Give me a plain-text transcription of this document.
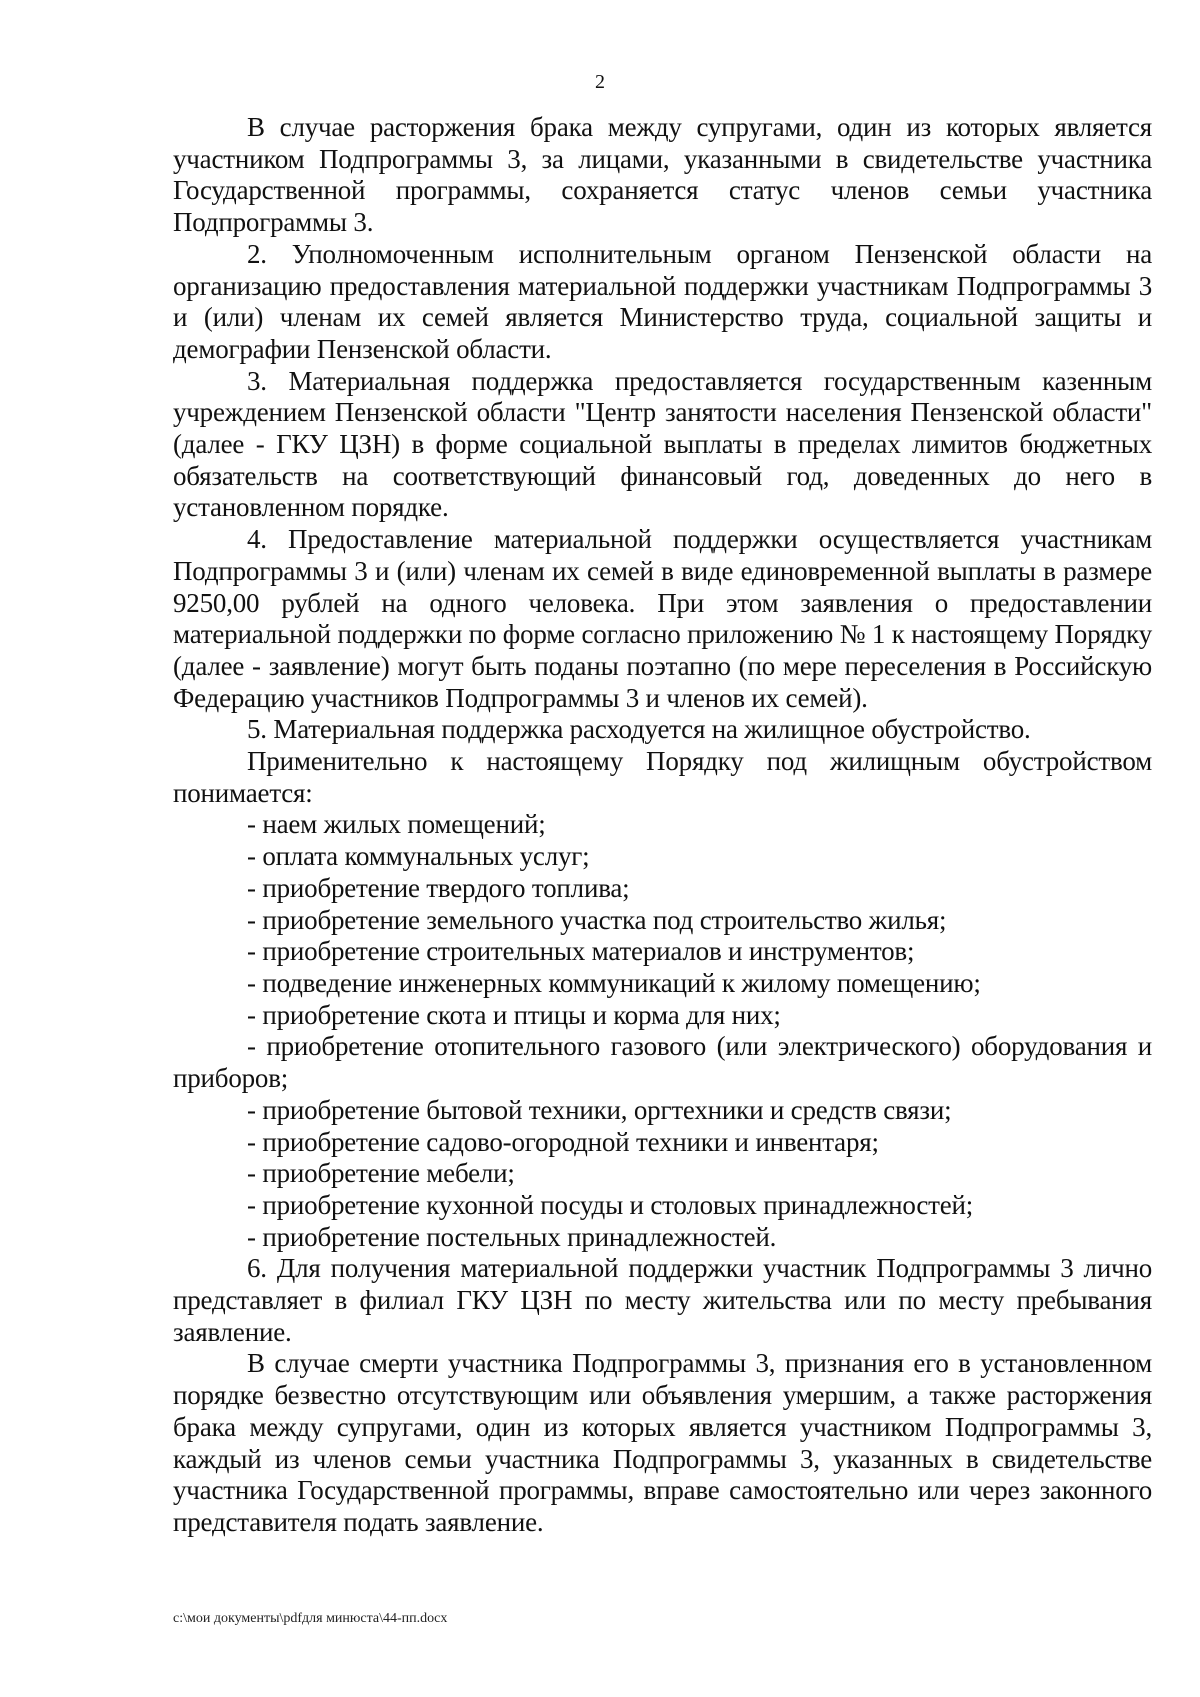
2

В случае расторжения брака между супругами, один из которых является участником Подпрограммы 3, за лицами, указанными в свидетельстве участника Государственной программы, сохраняется статус членов семьи участника Подпрограммы 3.

2. Уполномоченным исполнительным органом Пензенской области на организацию предоставления материальной поддержки участникам Подпрограммы 3 и (или) членам их семей является Министерство труда, социальной защиты и демографии Пензенской области.

3. Материальная поддержка предоставляется государственным казенным учреждением Пензенской области "Центр занятости населения Пензенской области" (далее - ГКУ ЦЗН) в форме социальной выплаты в пределах лимитов бюджетных обязательств на соответствующий финансовый год, доведенных до него в установленном порядке.

4. Предоставление материальной поддержки осуществляется участникам Подпрограммы 3 и (или) членам их семей в виде единовременной выплаты в размере 9250,00 рублей на одного человека. При этом заявления о предоставлении материальной поддержки по форме согласно приложению № 1 к настоящему Порядку (далее - заявление) могут быть поданы поэтапно (по мере переселения в Российскую Федерацию участников Подпрограммы 3 и членов их семей).

5. Материальная поддержка расходуется на жилищное обустройство.

Применительно к настоящему Порядку под жилищным обустройством понимается:

- наем жилых помещений;

- оплата коммунальных услуг;

- приобретение твердого топлива;

- приобретение земельного участка под строительство жилья;

- приобретение строительных материалов и инструментов;

- подведение инженерных коммуникаций к жилому помещению;

- приобретение скота и птицы и корма для них;

- приобретение отопительного газового (или электрического) оборудования и приборов;

- приобретение бытовой техники, оргтехники и средств связи;

- приобретение садово-огородной техники и инвентаря;

- приобретение мебели;

- приобретение кухонной посуды и столовых принадлежностей;

- приобретение постельных принадлежностей.

6. Для получения материальной поддержки участник Подпрограммы 3 лично представляет в филиал ГКУ ЦЗН по месту жительства или по месту пребывания заявление.

В случае смерти участника Подпрограммы 3, признания его в установленном порядке безвестно отсутствующим или объявления умершим, а также расторжения брака между супругами, один из которых является участником Подпрограммы 3, каждый из членов семьи участника Подпрограммы 3, указанных в свидетельстве участника Государственной программы, вправе самостоятельно или через законного представителя подать заявление.

c:\мои документы\pdfдля минюста\44-пп.docx
